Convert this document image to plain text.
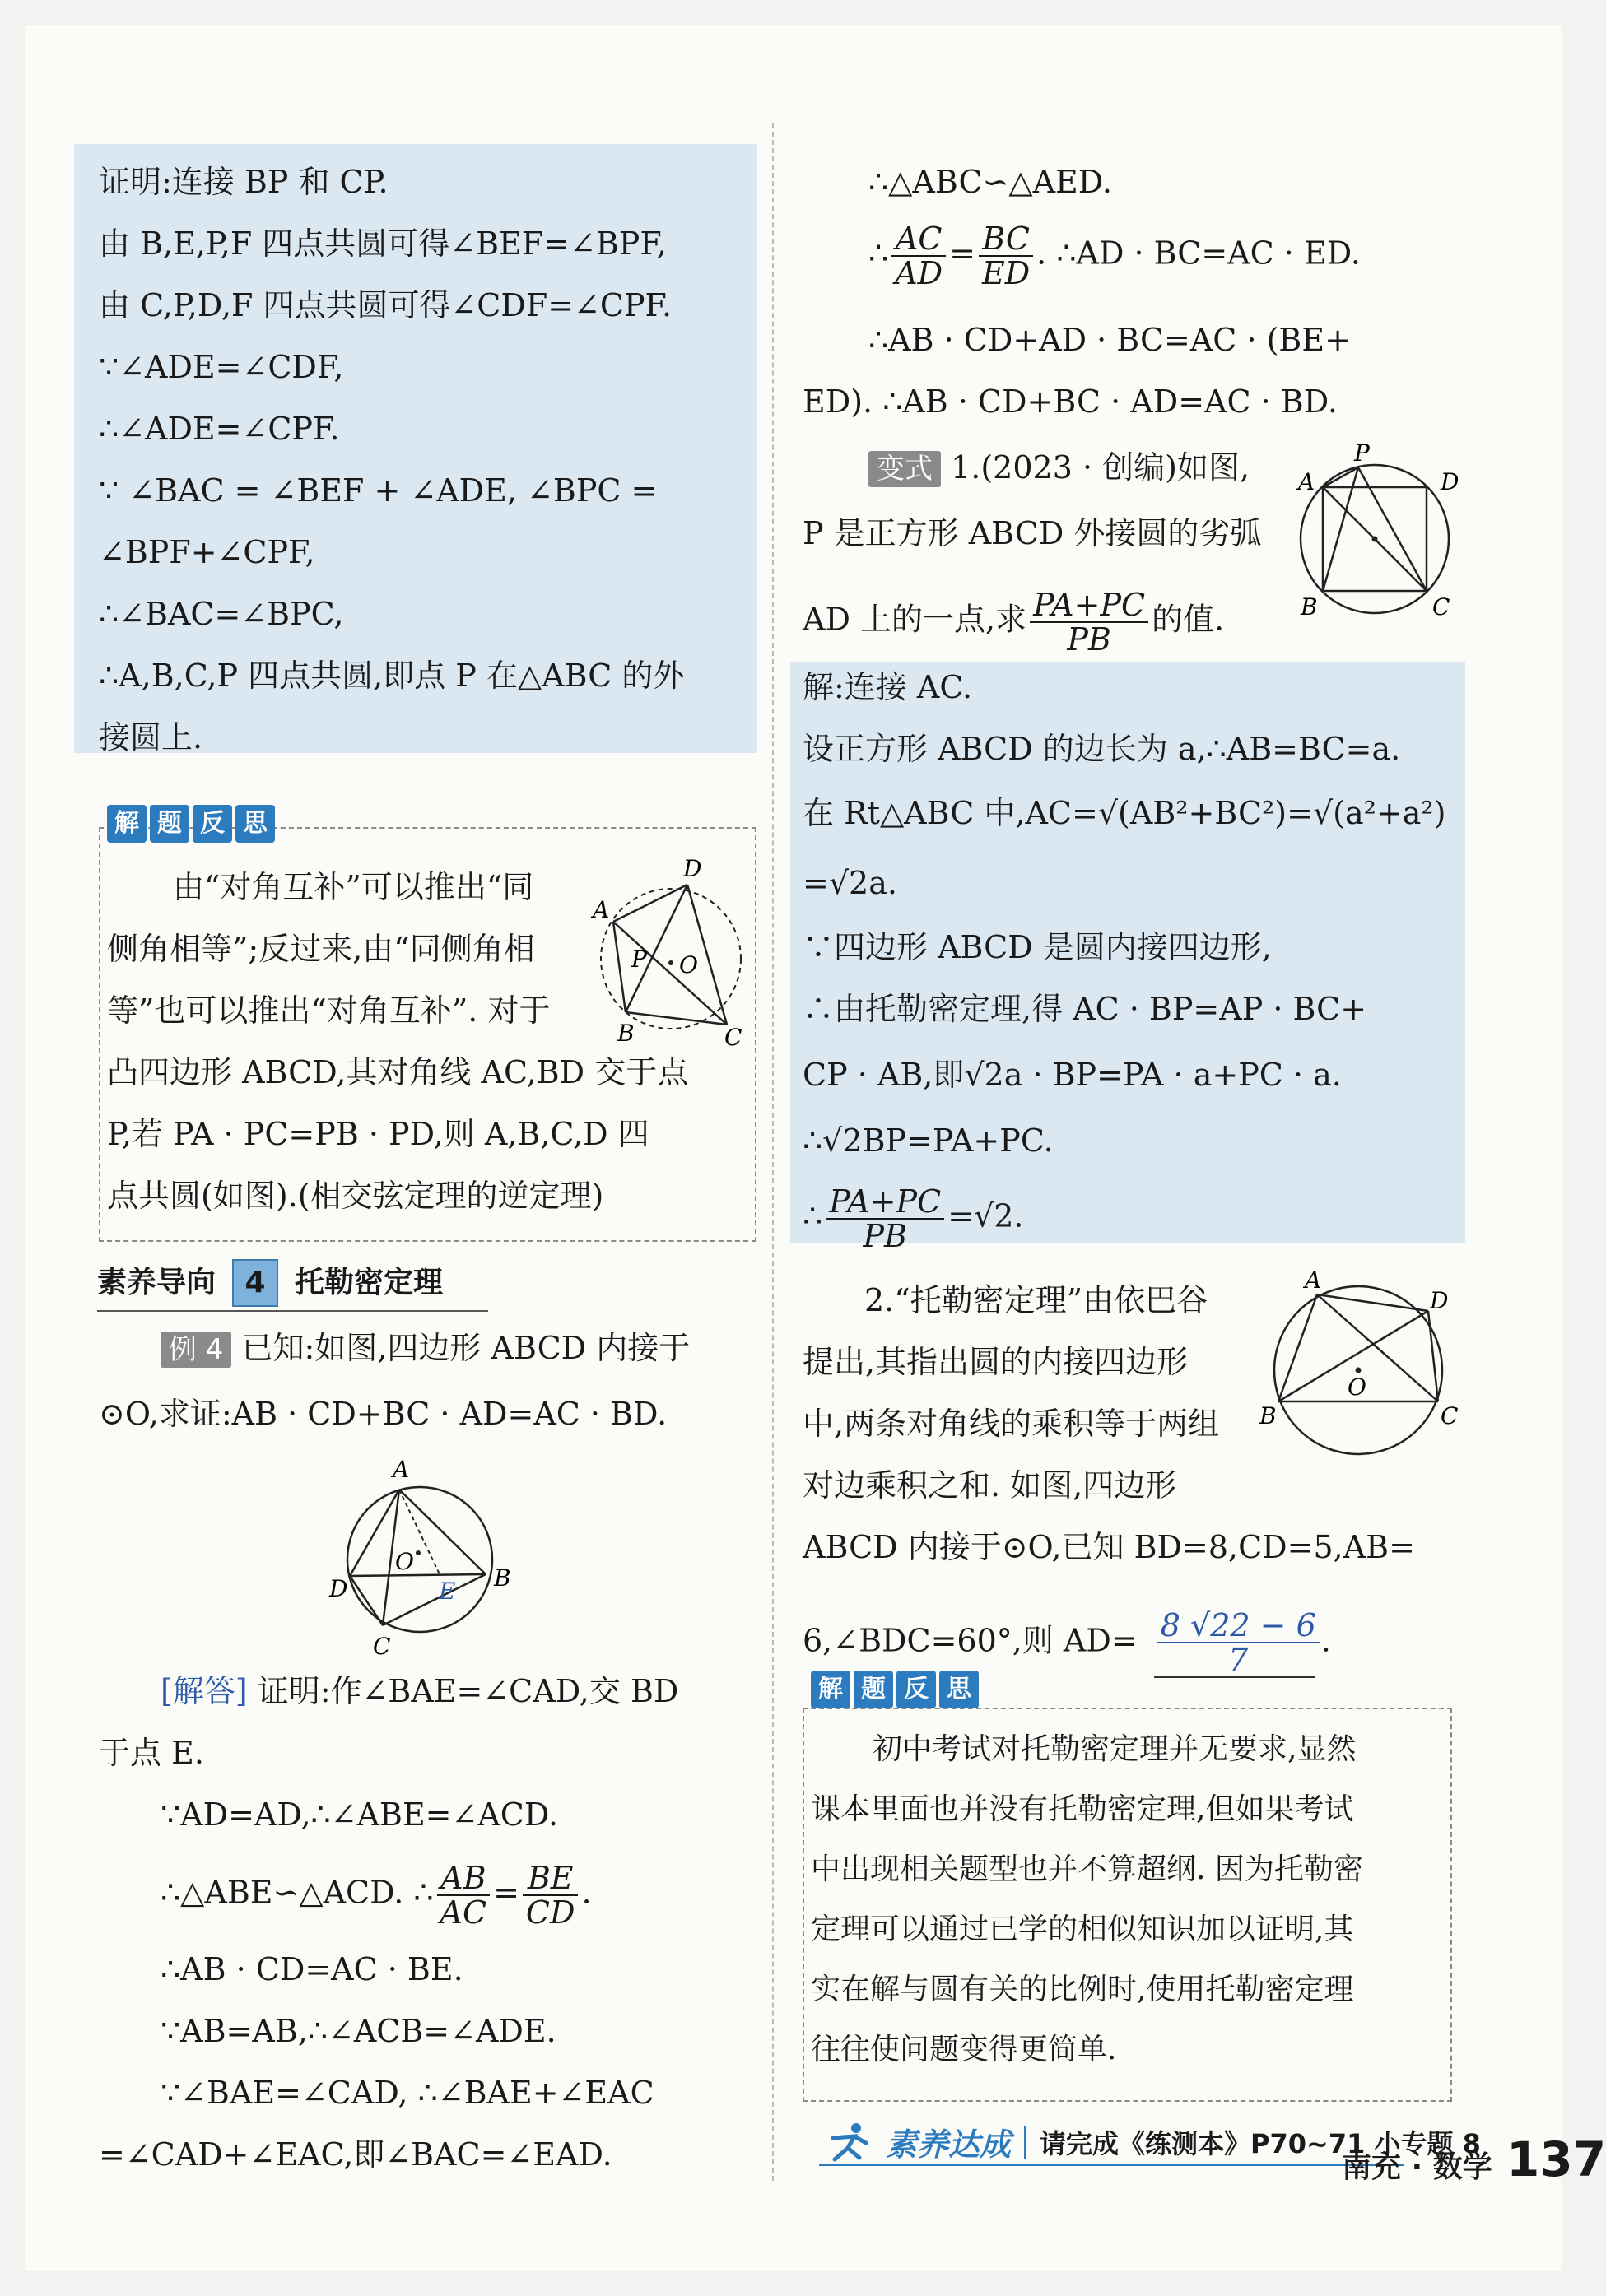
证明:连接 BP 和 CP.
由 B,E,P,F 四点共圆可得∠BEF=∠BPF,
由 C,P,D,F 四点共圆可得∠CDF=∠CPF.
∵∠ADE=∠CDF,
∴∠ADE=∠CPF.
∵ ∠BAC = ∠BEF + ∠ADE, ∠BPC =
∠BPF+∠CPF,
∴∠BAC=∠BPC,
∴A,B,C,P 四点共圆,即点 P 在△ABC 的外
接圆上.
解 题 反 思
由“对角互补”可以推出“同
侧角相等”;反过来,由“同侧角相
等”也可以推出“对角互补”. 对于
凸四边形 ABCD,其对角线 AC,BD 交于点
P,若 PA · PC=PB · PD,则 A,B,C,D 四
点共圆(如图).(相交弦定理的逆定理)
A
D
P O
B	C
素养导向 4 托勒密定理
例 4 已知:如图,四边形 ABCD 内接于
⊙O,求证:AB · CD+BC · AD=AC · BD.
A
O
D	E B
C
[解答] 证明:作∠BAE=∠CAD,交 BD
于点 E.
∵AD=AD,∴∠ABE=∠ACD.
∴△ABE∽△ACD. ∴ $\frac{AB}{AC} = \frac{BE}{CD}$ .
∴AB · CD=AC · BE.
∵AB=AB,∴∠ACB=∠ADE.
∵∠BAE=∠CAD, ∴∠BAE+∠EAC
=∠CAD+∠EAC,即∠BAC=∠EAD.
∴△ABC∽△AED.
∴ $\frac{AC}{AD} = \frac{BC}{ED}$ . ∴AD · BC=AC · ED.
∴AB · CD+AD · BC=AC · (BE+
ED). ∴AB · CD+BC · AD=AC · BD.
变式 1.(2023 · 创编)如图,
P 是正方形 ABCD 外接圆的劣弧
AD 上的一点,求 $\frac{PA+PC}{PB}$ 的值.
P
A	D
B	C
解:连接 AC.
设正方形 ABCD 的边长为 a,∴AB=BC=a.
在 Rt△ABC 中,AC=√(AB²+BC²)=√(a²+a²)
=√2a.
∵四边形 ABCD 是圆内接四边形,
∴由托勒密定理,得 AC · BP=AP · BC+
CP · AB,即√2a · BP=PA · a+PC · a.
∴√2BP=PA+PC.
∴ $\frac{PA+PC}{PB} =√2$.
2.“托勒密定理”由依巴谷
提出,其指出圆的内接四边形
中,两条对角线的乘积等于两组
对边乘积之和. 如图,四边形
ABCD 内接于⊙O,已知 BD=8,CD=5,AB=
6,∠BDC=60°,则 $AD= \frac{8 √22 - 6}{7}$ .
A
D
O
B	C
解 题 反 思
初中考试对托勒密定理并无要求,显然
课本里面也并没有托勒密定理,但如果考试
中出现相关题型也并不算超纲. 因为托勒密
定理可以通过已学的相似知识加以证明,其
实在解与圆有关的比例时,使用托勒密定理
往往使问题变得更简单.
素养达成 请完成《练测本》P70~71 小专题 8
南充 · 数学 137
